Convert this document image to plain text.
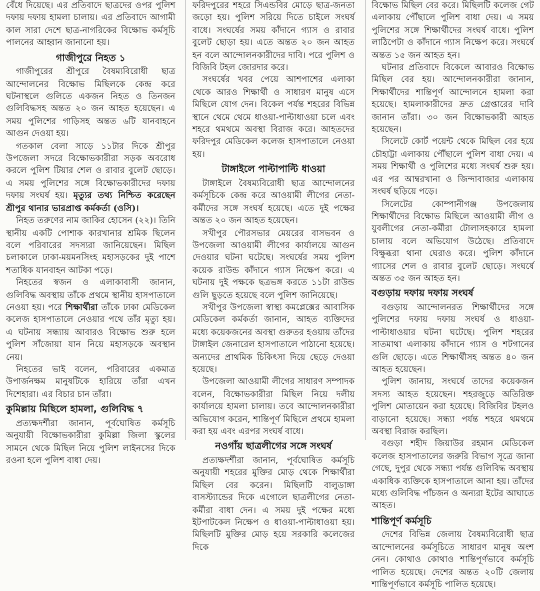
বেঁধে দিয়েছে। এর প্রতিবাদে ছাত্রদের ওপর পুলিশ দফায় দফায় হামলা চালায়। এর প্রতিবাদে আগামী কাল সারা দেশে ছাত্র-নাগরিকের বিক্ষোভ কর্মসূচি পালনের আহ্বান জানানো হয়।

গাজীপুরে নিহত ১

গাজীপুরের শ্রীপুরে বৈষম্যবিরোধী ছাত্র আন্দোলনের বিক্ষোভ মিছিলকে কেন্দ্র করে ঘটনাস্থলে গুলিতে একজন নিহত ও তিনজন গুলিবিদ্ধসহ অন্তত ২০ জন আহত হয়েছেন। এ সময় পুলিশের গাড়িসহ অন্তত ৬টি যানবাহনে আগুন দেওয়া হয়।

গতকাল বেলা সাড়ে ১১টার দিকে শ্রীপুর উপজেলা সদরে বিক্ষোভকারীরা সড়ক অবরোধ করলে পুলিশ টিয়ার শেল ও রাবার বুলেট ছোড়ে। এ সময় পুলিশের সঙ্গে বিক্ষোভকারীদের দফায় দফায় সংঘর্ষ হয়। মৃত্যুর তথ্য নিশ্চিত করেছেন শ্রীপুর থানার ভারপ্রাপ্ত কর্মকর্তা (ওসি)।

নিহত তরুণের নাম জাকির হোসেন (২২)। তিনি স্থানীয় একটি পোশাক কারখানার শ্রমিক ছিলেন বলে পরিবারের সদস্যরা জানিয়েছেন। মিছিল চলাকালে ঢাকা-ময়মনসিংহ মহাসড়কের দুই পাশে শতাধিক যানবাহন আটকা পড়ে।

নিহতের স্বজন ও এলাকাবাসী জানান, গুলিবিদ্ধ অবস্থায় তাঁকে প্রথমে স্থানীয় হাসপাতালে নেওয়া হয়। পরে শিক্ষার্থীরা তাঁকে ঢাকা মেডিকেল কলেজ হাসপাতালে নেওয়ার পথে তাঁর মৃত্যু হয়। এ ঘটনায় সন্ধ্যায় আবারও বিক্ষোভ শুরু হলে পুলিশ সাঁজোয়া যান নিয়ে মহাসড়কে অবস্থান নেয়।

নিহতের ভাই বলেন, পরিবারের একমাত্র উপার্জনক্ষম মানুষটিকে হারিয়ে তাঁরা এখন দিশেহারা। এর বিচার চান তাঁরা।

কুমিল্লায় মিছিলে হামলা, গুলিবিদ্ধ ৭

প্রত্যক্ষদর্শীরা জানান, পূর্বঘোষিত কর্মসূচি অনুযায়ী বিক্ষোভকারীরা কুমিল্লা জিলা স্কুলের সামনে থেকে মিছিল নিয়ে পুলিশ লাইনসের দিকে রওনা হলে পুলিশ বাধা দেয়।

ফরিদপুরের শহরে সিএন্ডবির মোড়ে ছাত্র-জনতা জড়ো হয়। পুলিশ সরিয়ে দিতে চাইলে সংঘর্ষ বাধে। সংঘর্ষের সময় কাঁদানে গ্যাস ও রাবার বুলেট ছোড়া হয়। এতে অন্তত ২০ জন আহত হন বলে আন্দোলনকারীদের দাবি। পরে পুলিশ ও বিজিবি টহল জোরদার করে।

সংঘর্ষের খবর পেয়ে আশপাশের এলাকা থেকে আরও শিক্ষার্থী ও সাধারণ মানুষ এসে মিছিলে যোগ দেন। বিকেল পর্যন্ত শহরের বিভিন্ন স্থানে থেমে থেমে ধাওয়া-পাল্টাধাওয়া চলে এবং শহরে থমথমে অবস্থা বিরাজ করে। আহতদের ফরিদপুর মেডিকেল কলেজ হাসপাতালে নেওয়া হয়।

টাঙ্গাইলে পাল্টাপাল্টি ধাওয়া

টাঙ্গাইলে বৈষম্যবিরোধী ছাত্র আন্দোলনের কর্মসূচিকে কেন্দ্র করে আওয়ামী লীগের নেতা-কর্মীদের সঙ্গে সংঘর্ষ হয়েছে। এতে দুই পক্ষের অন্তত ২০ জন আহত হয়েছেন।

সখীপুর পৌরসভার মেয়রের বাসভবন ও উপজেলা আওয়ামী লীগের কার্যালয়ে আগুন দেওয়ার ঘটনা ঘটেছে। সংঘর্ষের সময় পুলিশ কয়েক রাউন্ড কাঁদানে গ্যাস নিক্ষেপ করে। এ ঘটনায় দুই পক্ষকে ছত্রভঙ্গ করতে ১১টা রাউন্ড গুলি ছুড়তে হয়েছে বলে পুলিশ জানিয়েছে।

সখীপুর উপজেলা স্বাস্থ্য কমপ্লেক্সের আবাসিক মেডিকেল কর্মকর্তা জানান, আহত ব্যক্তিদের মধ্যে কয়েকজনের অবস্থা গুরুতর হওয়ায় তাঁদের টাঙ্গাইল জেনারেল হাসপাতালে পাঠানো হয়েছে। অন্যদের প্রাথমিক চিকিৎসা দিয়ে ছেড়ে দেওয়া হয়েছে।

উপজেলা আওয়ামী লীগের সাধারণ সম্পাদক বলেন, বিক্ষোভকারীরা মিছিল নিয়ে দলীয় কার্যালয়ে হামলা চালায়। তবে আন্দোলনকারীরা অভিযোগ করেন, শান্তিপূর্ণ মিছিলে প্রথমে হামলা করা হয় এবং এরপর সংঘর্ষ বাধে।

নওগাঁয় ছাত্রলীগের সঙ্গে সংঘর্ষ

প্রত্যক্ষদর্শীরা জানান, পূর্বঘোষিত কর্মসূচি অনুযায়ী শহরের মুক্তির মোড় থেকে শিক্ষার্থীরা মিছিল বের করেন। মিছিলটি বালুডাঙ্গা বাসস্ট্যান্ডের দিকে এগোলে ছাত্রলীগের নেতা-কর্মীরা বাধা দেন। এ সময় দুই পক্ষের মধ্যে ইটপাটকেল নিক্ষেপ ও ধাওয়া-পাল্টাধাওয়া হয়। মিছিলটি মুক্তির মোড় হয়ে সরকারি কলেজের দিকে

বিক্ষোভ মিছিল বের করে। মিছিলটি কলেজ গেট এলাকায় পৌঁছালে পুলিশ বাধা দেয়। এ সময় পুলিশের সঙ্গে শিক্ষার্থীদের সংঘর্ষ বাধে। পুলিশ লাঠিপেটা ও কাঁদানে গ্যাস নিক্ষেপ করে। সংঘর্ষে অন্তত ১৫ জন আহত হন।

ঘটনার প্রতিবাদে বিকেলে আবারও বিক্ষোভ মিছিল বের হয়। আন্দোলনকারীরা জানান, শিক্ষার্থীদের শান্তিপূর্ণ আন্দোলনে হামলা করা হয়েছে। হামলাকারীদের দ্রুত গ্রেপ্তারের দাবি জানান তাঁরা। ৩০ জন বিক্ষোভকারী আহত হয়েছেন।

সিলেটে কোর্ট পয়েন্ট থেকে মিছিল বের হয়ে চৌহাট্টা এলাকায় পৌঁছালে পুলিশ বাধা দেয়। এ সময় শিক্ষার্থী ও পুলিশের মধ্যে সংঘর্ষ শুরু হয়। এর পর আম্বরখানা ও জিন্দাবাজার এলাকায় সংঘর্ষ ছড়িয়ে পড়ে।

সিলেটের কোম্পানীগঞ্জ উপজেলায় শিক্ষার্থীদের বিক্ষোভ মিছিলে আওয়ামী লীগ ও যুবলীগের নেতা-কর্মীরা টোলাসহকারে হামলা চালায় বলে অভিযোগ উঠেছে। প্রতিবাদে বিক্ষুব্ধরা থানা ঘেরাও করে। পুলিশ কাঁদানে গ্যাসের শেল ও রাবার বুলেট ছোড়ে। সংঘর্ষে অন্তত ৩৫ জন আহত হন।

বগুড়ায় দফায় দফায় সংঘর্ষ

বগুড়ায় আন্দোলনরত শিক্ষার্থীদের সঙ্গে পুলিশের দফায় দফায় সংঘর্ষ ও ধাওয়া-পাল্টাধাওয়ার ঘটনা ঘটেছে। পুলিশ শহরের সাতমাথা এলাকায় কাঁদানে গ্যাস ও শটগানের গুলি ছোড়ে। এতে শিক্ষার্থীসহ অন্তত ৪০ জন আহত হয়েছেন।

পুলিশ জানায়, সংঘর্ষে তাদের কয়েকজন সদস্য আহত হয়েছেন। শহরজুড়ে অতিরিক্ত পুলিশ মোতায়েন করা হয়েছে। বিজিবির টহলও বাড়ানো হয়েছে। সন্ধ্যা পর্যন্ত শহরে থমথমে অবস্থা বিরাজ করছিল।

বগুড়া শহীদ জিয়াউর রহমান মেডিকেল কলেজ হাসপাতালের জরুরি বিভাগ সূত্রে জানা গেছে, দুপুর থেকে সন্ধ্যা পর্যন্ত গুলিবিদ্ধ অবস্থায় একাধিক ব্যক্তিকে হাসপাতালে আনা হয়। তাঁদের মধ্যে গুলিবিদ্ধ পাঁচজন ও অন্যরা ইটের আঘাতে আহত।

শান্তিপূর্ণ কর্মসূচি

দেশের বিভিন্ন জেলায় বৈষম্যবিরোধী ছাত্র আন্দোলনের কর্মসূচিতে সাধারণ মানুষ অংশ নেন। কোথাও কোথাও শান্তিপূর্ণভাবে কর্মসূচি পালিত হয়েছে। দেশের অন্তত ২০টি জেলায় শান্তিপূর্ণভাবে কর্মসূচি পালিত হয়েছে।
